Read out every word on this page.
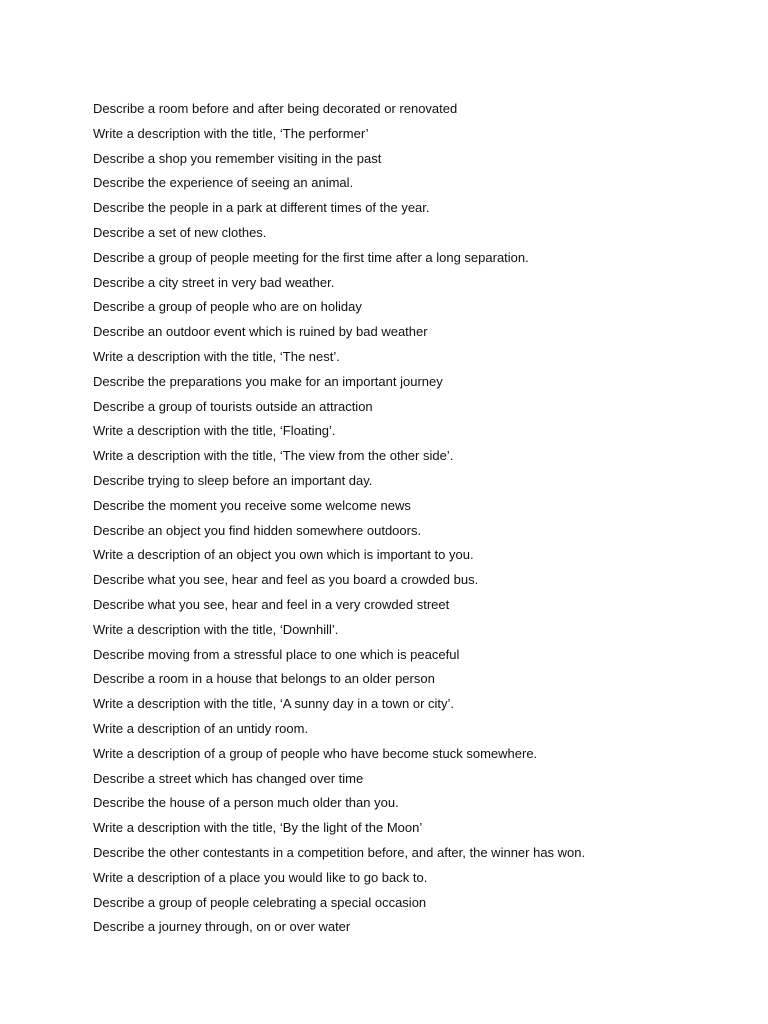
Describe a room before and after being decorated or renovated
Write a description with the title, ‘The performer’
Describe a shop you remember visiting in the past
Describe the experience of seeing an animal.
Describe the people in a park at different times of the year.
Describe a set of new clothes.
Describe a group of people meeting for the first time after a long separation.
Describe a city street in very bad weather.
Describe a group of people who are on holiday
Describe an outdoor event which is ruined by bad weather
Write a description with the title, ‘The nest’.
Describe the preparations you make for an important journey
Describe a group of tourists outside an attraction
Write a description with the title, ‘Floating’.
Write a description with the title, ‘The view from the other side’.
Describe trying to sleep before an important day.
Describe the moment you receive some welcome news
Describe an object you find hidden somewhere outdoors.
Write a description of an object you own which is important to you.
Describe what you see, hear and feel as you board a crowded bus.
Describe what you see, hear and feel in a very crowded street
Write a description with the title, ‘Downhill’.
Describe moving from a stressful place to one which is peaceful
Describe a room in a house that belongs to an older person
Write a description with the title, ‘A sunny day in a town or city’.
Write a description of an untidy room.
Write a description of a group of people who have become stuck somewhere.
Describe a street which has changed over time
Describe the house of a person much older than you.
Write a description with the title, ‘By the light of the Moon’
Describe the other contestants in a competition before, and after, the winner has won.
Write a description of a place you would like to go back to.
Describe a group of people celebrating a special occasion
Describe a journey through, on or over water
